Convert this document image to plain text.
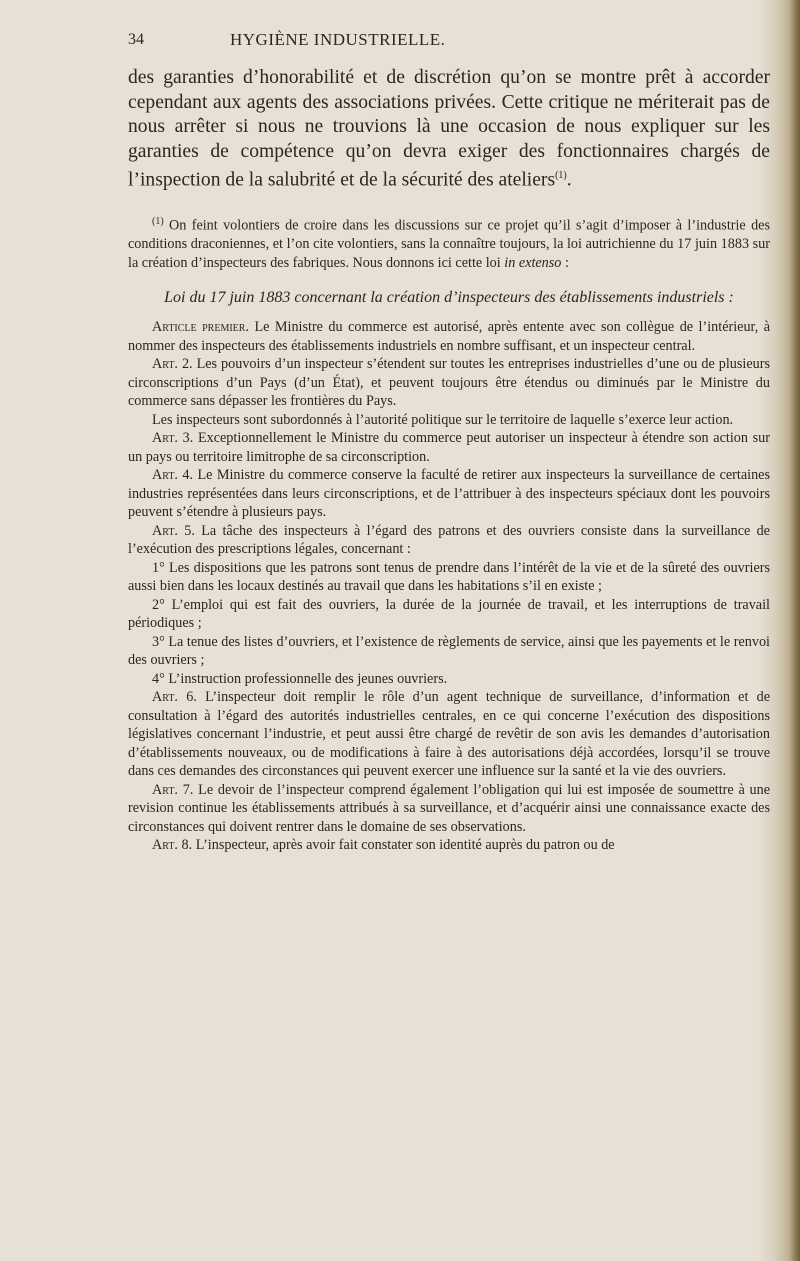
34	HYGIÈNE INDUSTRIELLE.

des garanties d’honorabilité et de discrétion qu’on se montre prêt à accorder cependant aux agents des associations privées. Cette critique ne mériterait pas de nous arrêter si nous ne trouvions là une occasion de nous expliquer sur les garanties de compétence qu’on devra exiger des fonctionnaires chargés de l’inspection de la salubrité et de la sécurité des ateliers$^{(1)}$.

$^{(1)}$ On feint volontiers de croire dans les discussions sur ce projet qu’il s’agit d’imposer à l’industrie des conditions draconiennes, et l’on cite volontiers, sans la connaître toujours, la loi autrichienne du 17 juin 1883 sur la création d’inspecteurs des fabriques. Nous donnons ici cette loi in extenso :

Loi du 17 juin 1883 concernant la création d’inspecteurs des établissements industriels :

Article premier. Le Ministre du commerce est autorisé, après entente avec son collègue de l’intérieur, à nommer des inspecteurs des établissements industriels en nombre suffisant, et un inspecteur central.

Art. 2. Les pouvoirs d’un inspecteur s’étendent sur toutes les entreprises industrielles d’une ou de plusieurs circonscriptions d’un Pays (d’un État), et peuvent toujours être étendus ou diminués par le Ministre du commerce sans dépasser les frontières du Pays.

Les inspecteurs sont subordonnés à l’autorité politique sur le territoire de laquelle s’exerce leur action.

Art. 3. Exceptionnellement le Ministre du commerce peut autoriser un inspecteur à étendre son action sur un pays ou territoire limitrophe de sa circonscription.

Art. 4. Le Ministre du commerce conserve la faculté de retirer aux inspecteurs la surveillance de certaines industries représentées dans leurs circonscriptions, et de l’attribuer à des inspecteurs spéciaux dont les pouvoirs peuvent s’étendre à plusieurs pays.

Art. 5. La tâche des inspecteurs à l’égard des patrons et des ouvriers consiste dans la surveillance de l’exécution des prescriptions légales, concernant :

1° Les dispositions que les patrons sont tenus de prendre dans l’intérêt de la vie et de la sûreté des ouvriers aussi bien dans les locaux destinés au travail que dans les habitations s’il en existe ;

2° L’emploi qui est fait des ouvriers, la durée de la journée de travail, et les interruptions de travail périodiques ;

3° La tenue des listes d’ouvriers, et l’existence de règlements de service, ainsi que les payements et le renvoi des ouvriers ;

4° L’instruction professionnelle des jeunes ouvriers.

Art. 6. L’inspecteur doit remplir le rôle d’un agent technique de surveillance, d’information et de consultation à l’égard des autorités industrielles centrales, en ce qui concerne l’exécution des dispositions législatives concernant l’industrie, et peut aussi être chargé de revêtir de son avis les demandes d’autorisation d’établissements nouveaux, ou de modifications à faire à des autorisations déjà accordées, lorsqu’il se trouve dans ces demandes des circonstances qui peuvent exercer une influence sur la santé et la vie des ouvriers.

Art. 7. Le devoir de l’inspecteur comprend également l’obligation qui lui est imposée de soumettre à une revision continue les établissements attribués à sa surveillance, et d’acquérir ainsi une connaissance exacte des circonstances qui doivent rentrer dans le domaine de ses observations.

Art. 8. L’inspecteur, après avoir fait constater son identité auprès du patron ou de
